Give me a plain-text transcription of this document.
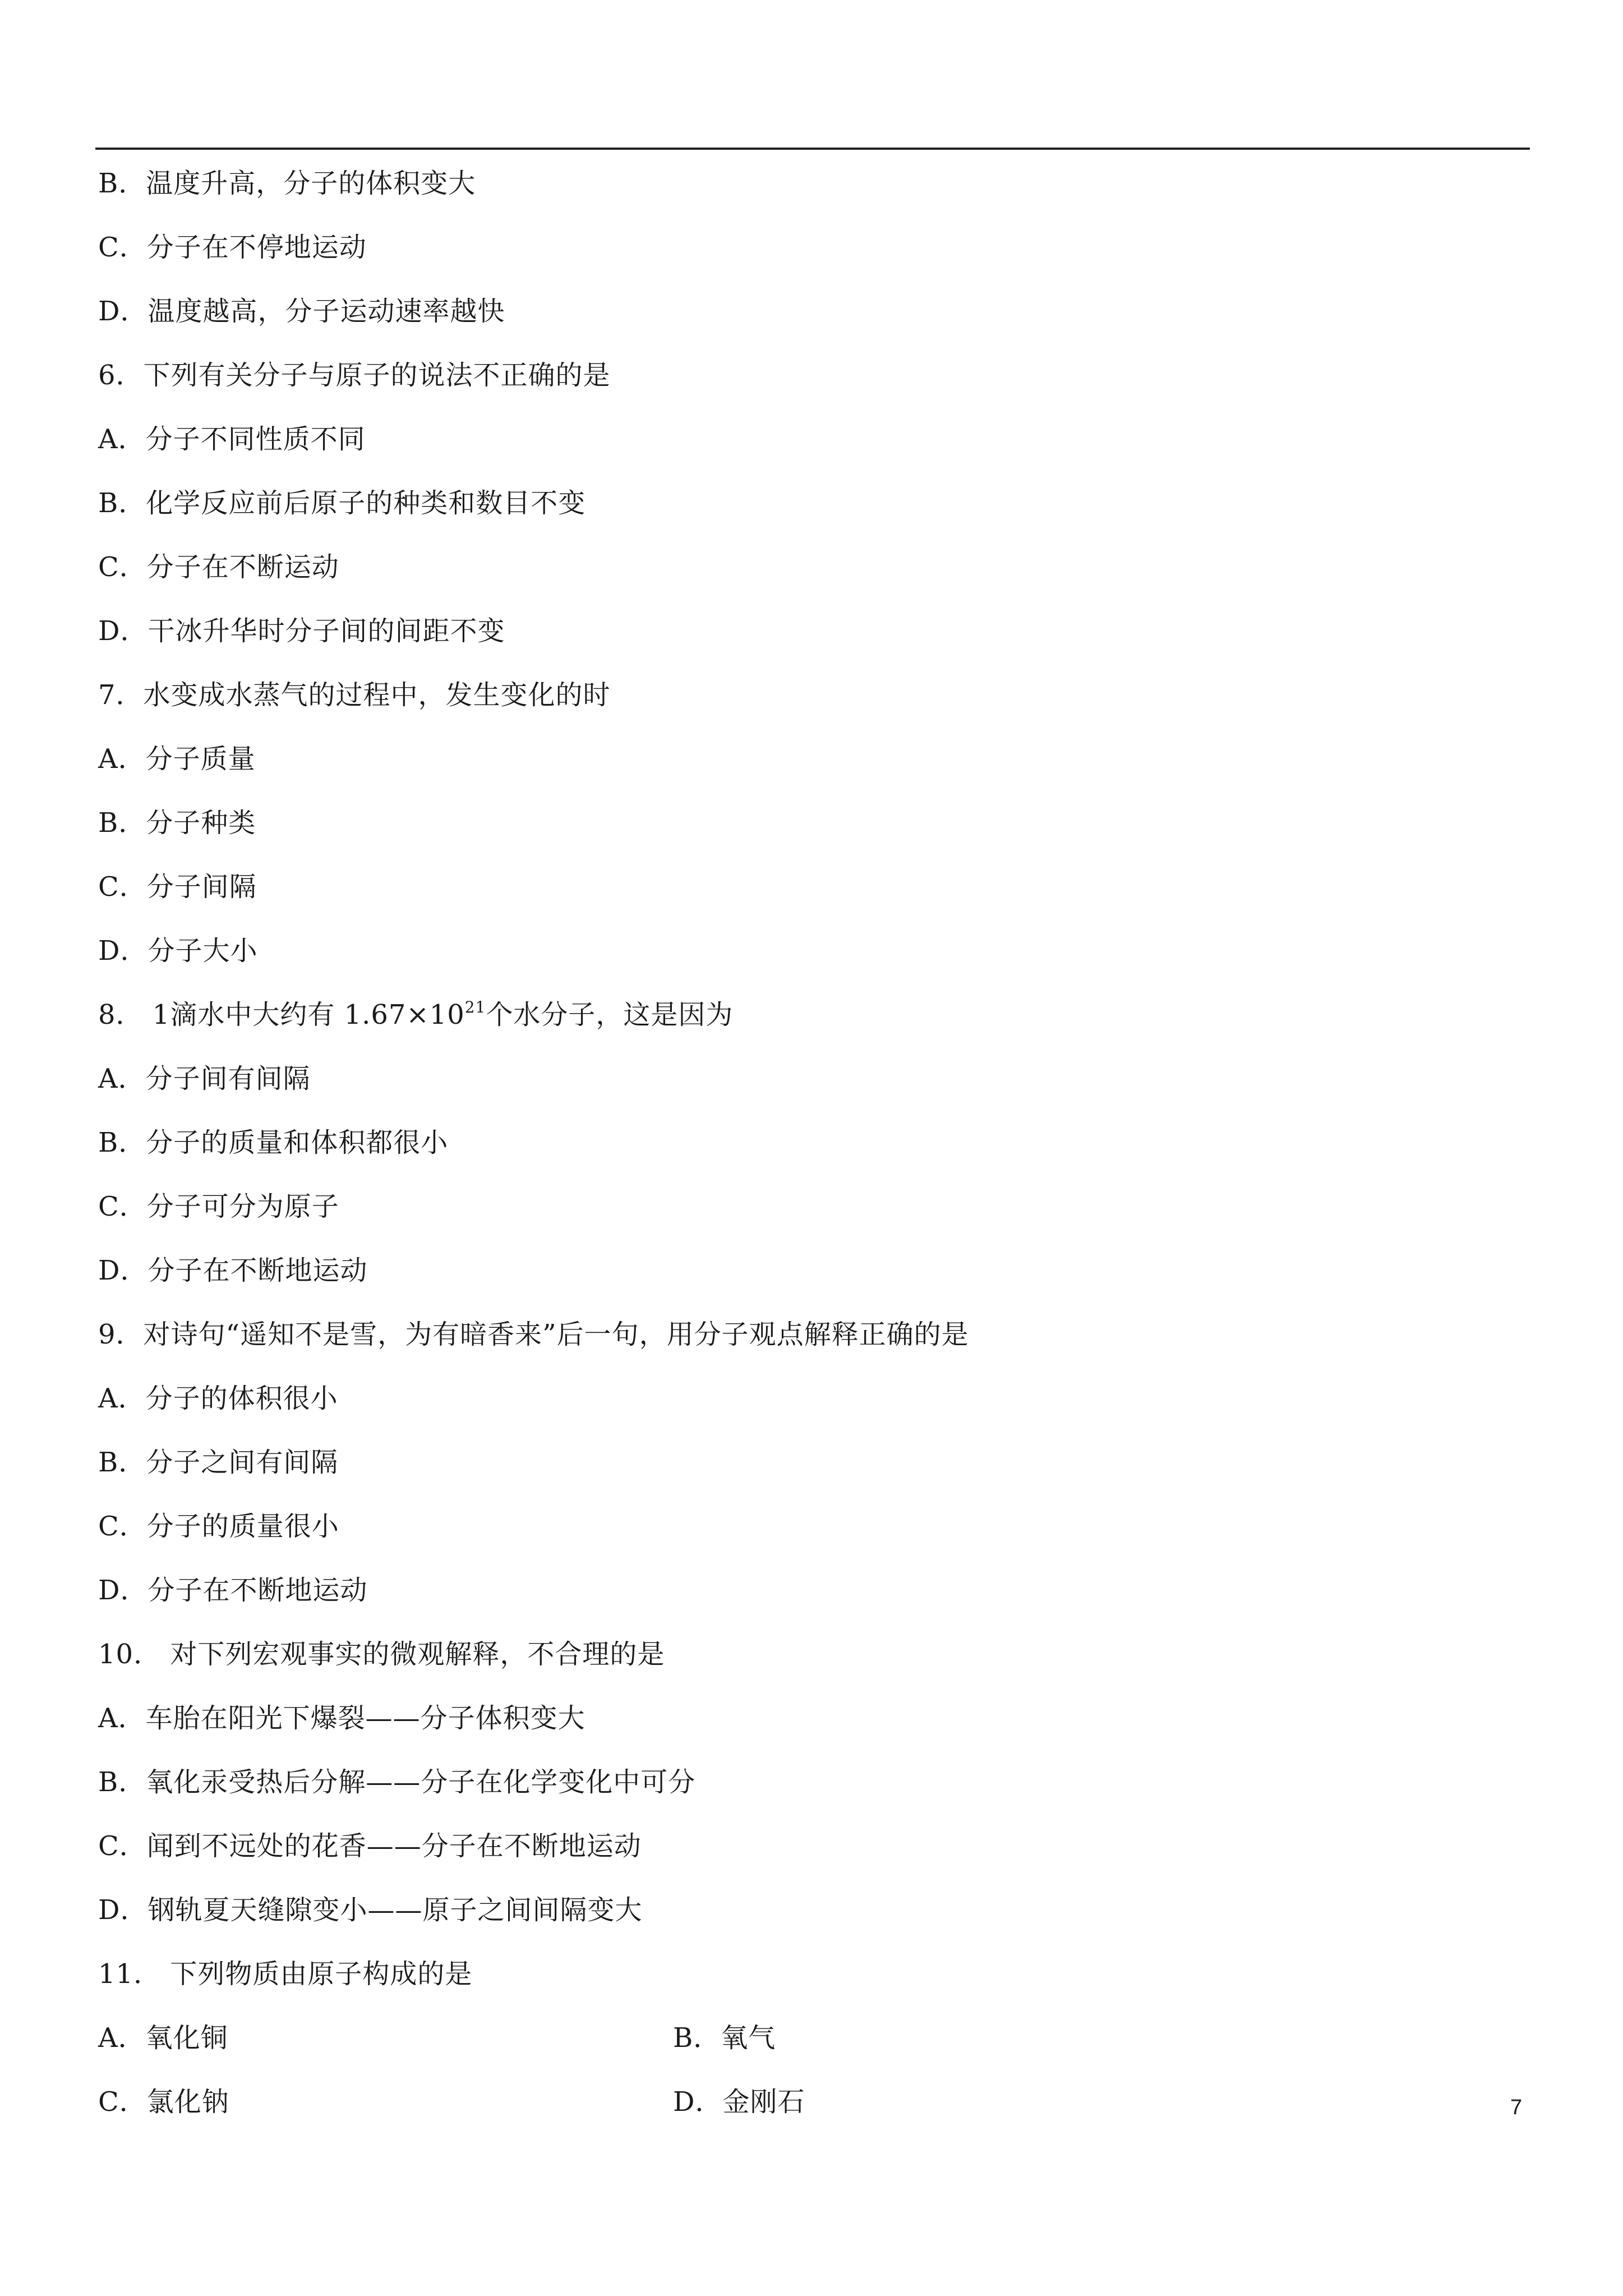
B．温度升高，分子的体积变大
C．分子在不停地运动
D．温度越高，分子运动速率越快
6．下列有关分子与原子的说法不正确的是
A．分子不同性质不同
B．化学反应前后原子的种类和数目不变
C．分子在不断运动
D．干冰升华时分子间的间距不变
7．水变成水蒸气的过程中，发生变化的时
A．分子质量
B．分子种类
C．分子间隔
D．分子大小
8． 1滴水中大约有 $1.67\times 10^{21}$个水分子，这是因为
A．分子间有间隔
B．分子的质量和体积都很小
C．分子可分为原子
D．分子在不断地运动
9．对诗句“遥知不是雪，为有暗香来”后一句，用分子观点解释正确的是
A．分子的体积很小
B．分子之间有间隔
C．分子的质量很小
D．分子在不断地运动
10． 对下列宏观事实的微观解释，不合理的是
A．车胎在阳光下爆裂——分子体积变大
B．氧化汞受热后分解——分子在化学变化中可分
C．闻到不远处的花香——分子在不断地运动
D．钢轨夏天缝隙变小——原子之间间隔变大
11． 下列物质由原子构成的是
A．氧化铜	B．氧气
C．氯化钠	D．金刚石	7
